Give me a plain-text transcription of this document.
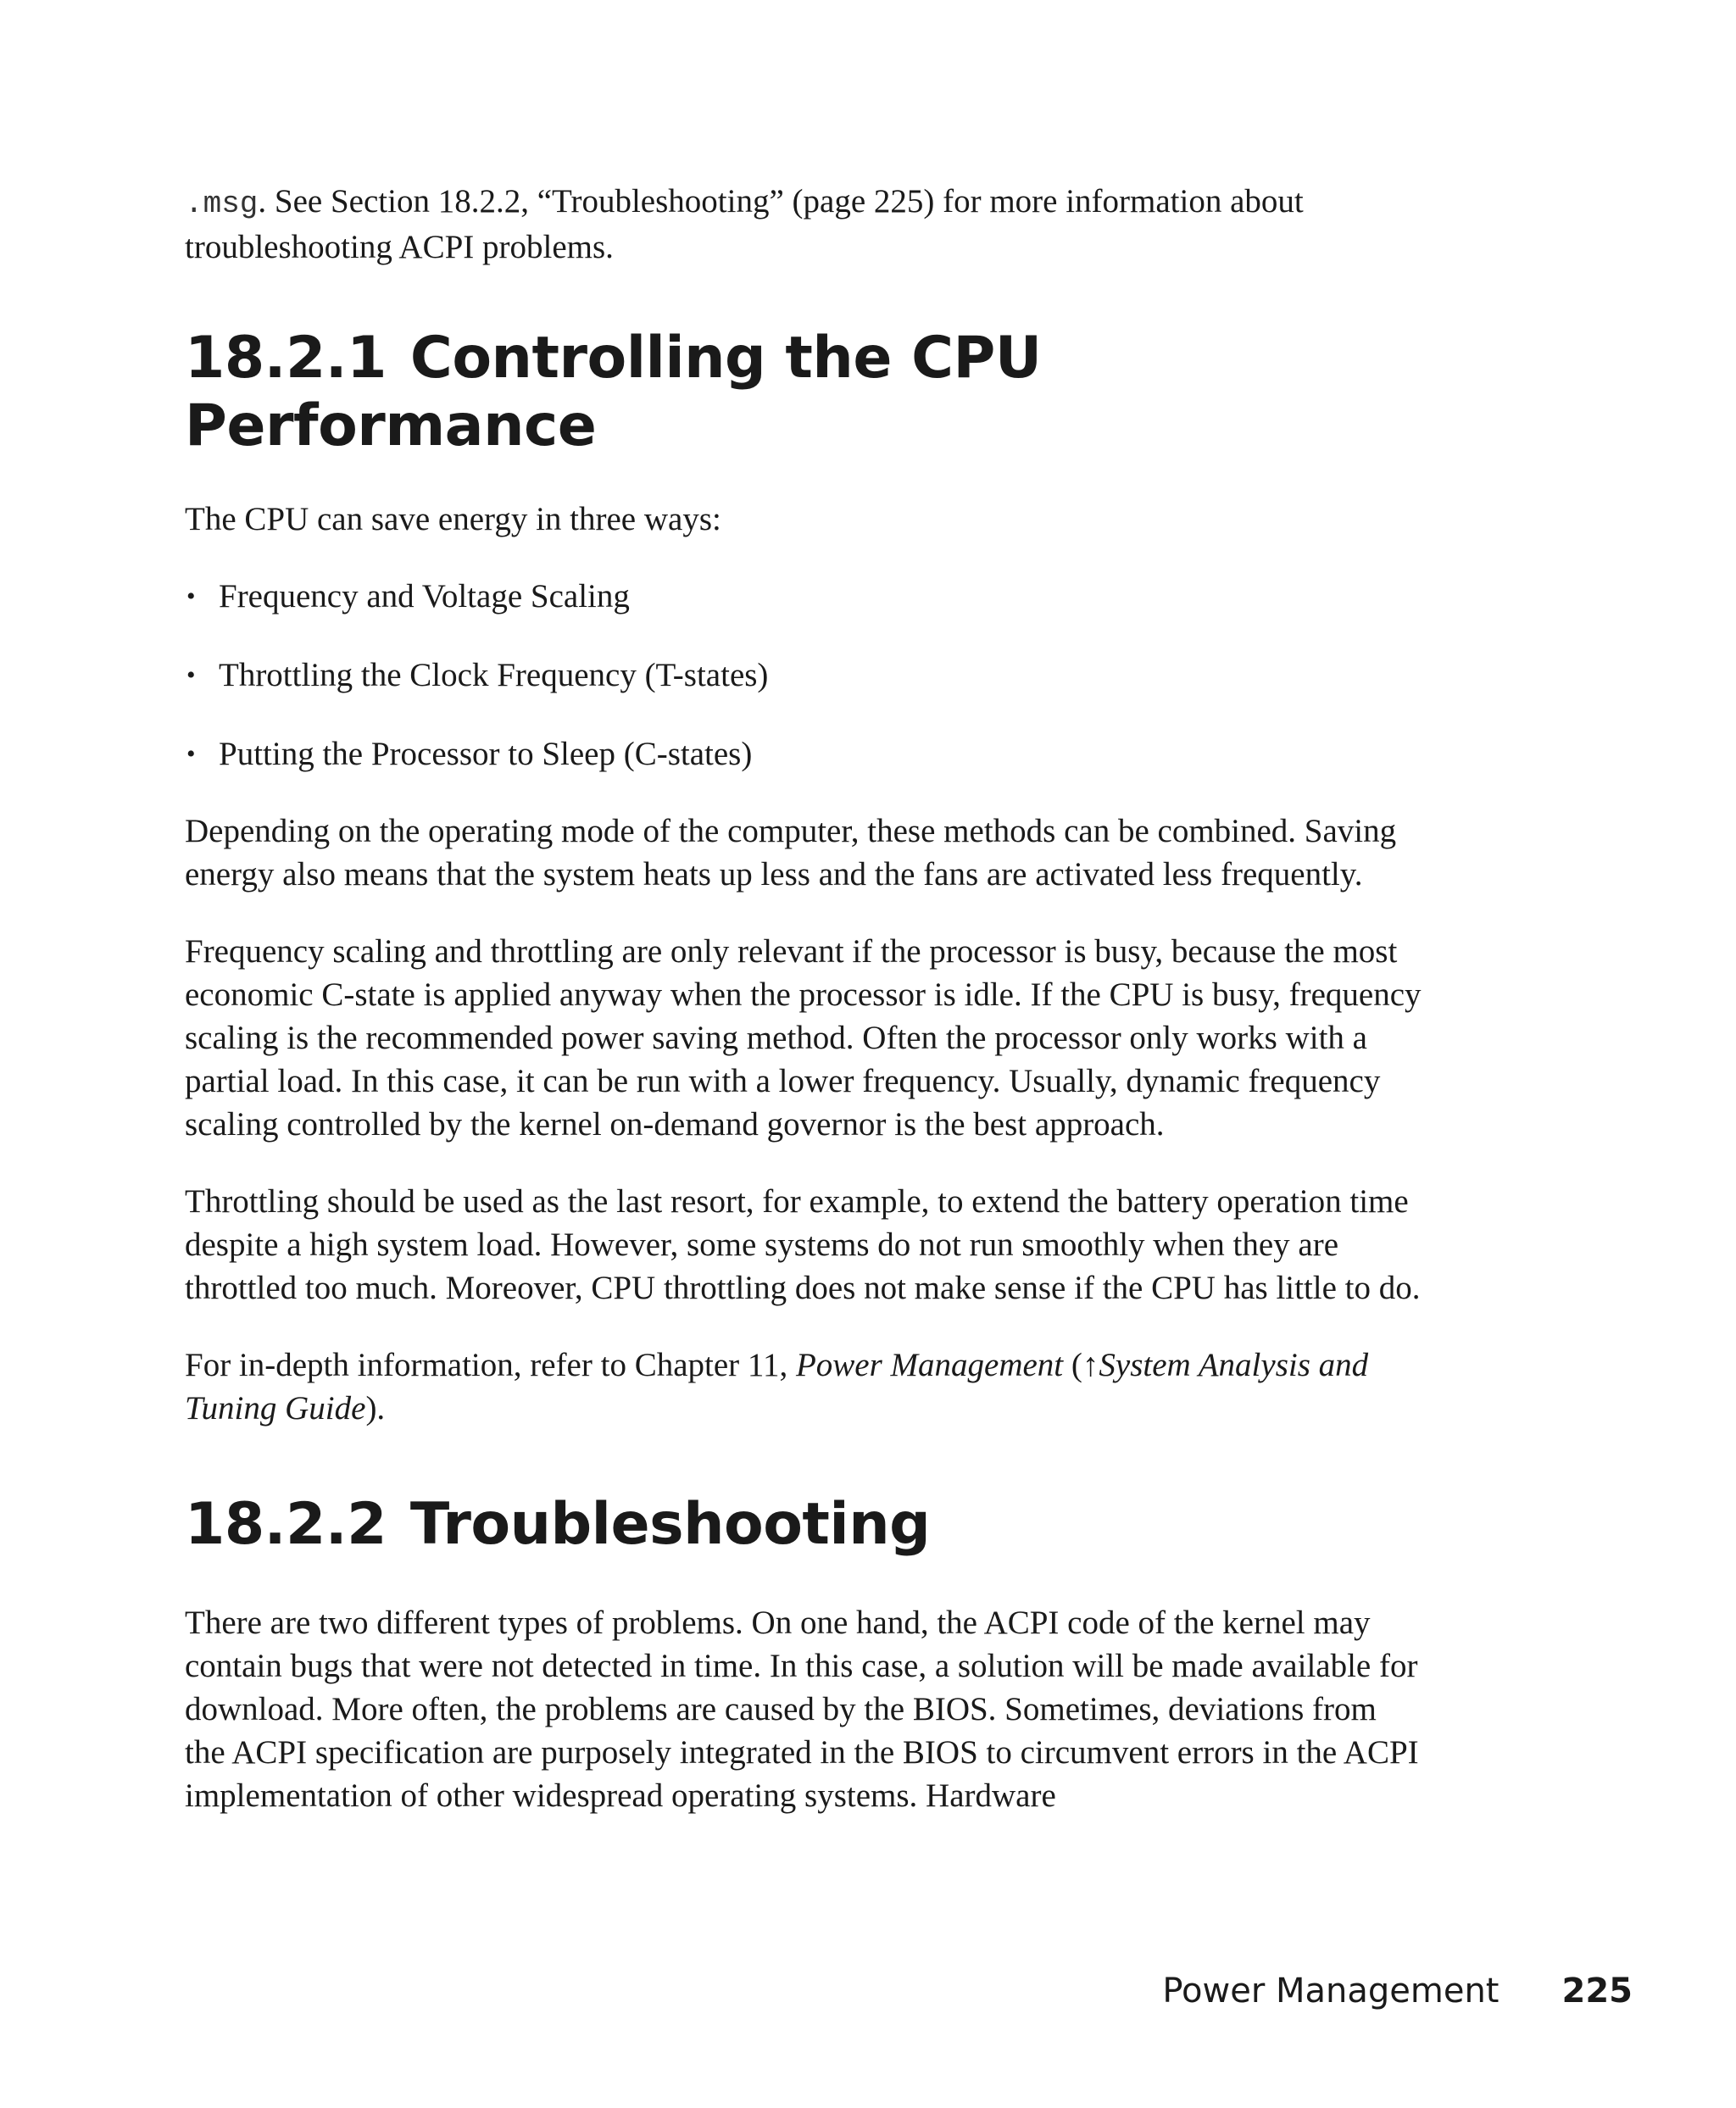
.msg. See Section 18.2.2, “Troubleshooting” (page 225) for more information about troubleshooting ACPI problems.

18.2.1 Controlling the CPU Performance

The CPU can save energy in three ways:

• Frequency and Voltage Scaling
• Throttling the Clock Frequency (T-states)
• Putting the Processor to Sleep (C-states)

Depending on the operating mode of the computer, these methods can be combined. Saving energy also means that the system heats up less and the fans are activated less frequently.

Frequency scaling and throttling are only relevant if the processor is busy, because the most economic C-state is applied anyway when the processor is idle. If the CPU is busy, frequency scaling is the recommended power saving method. Often the processor only works with a partial load. In this case, it can be run with a lower frequency. Usually, dynamic frequency scaling controlled by the kernel on-demand governor is the best approach.

Throttling should be used as the last resort, for example, to extend the battery operation time despite a high system load. However, some systems do not run smoothly when they are throttled too much. Moreover, CPU throttling does not make sense if the CPU has little to do.

For in-depth information, refer to Chapter 11, Power Management (↑System Analysis and Tuning Guide).

18.2.2 Troubleshooting

There are two different types of problems. On one hand, the ACPI code of the kernel may contain bugs that were not detected in time. In this case, a solution will be made available for download. More often, the problems are caused by the BIOS. Sometimes, deviations from the ACPI specification are purposely integrated in the BIOS to circumvent errors in the ACPI implementation of other widespread operating systems. Hardware

Power Management 225
